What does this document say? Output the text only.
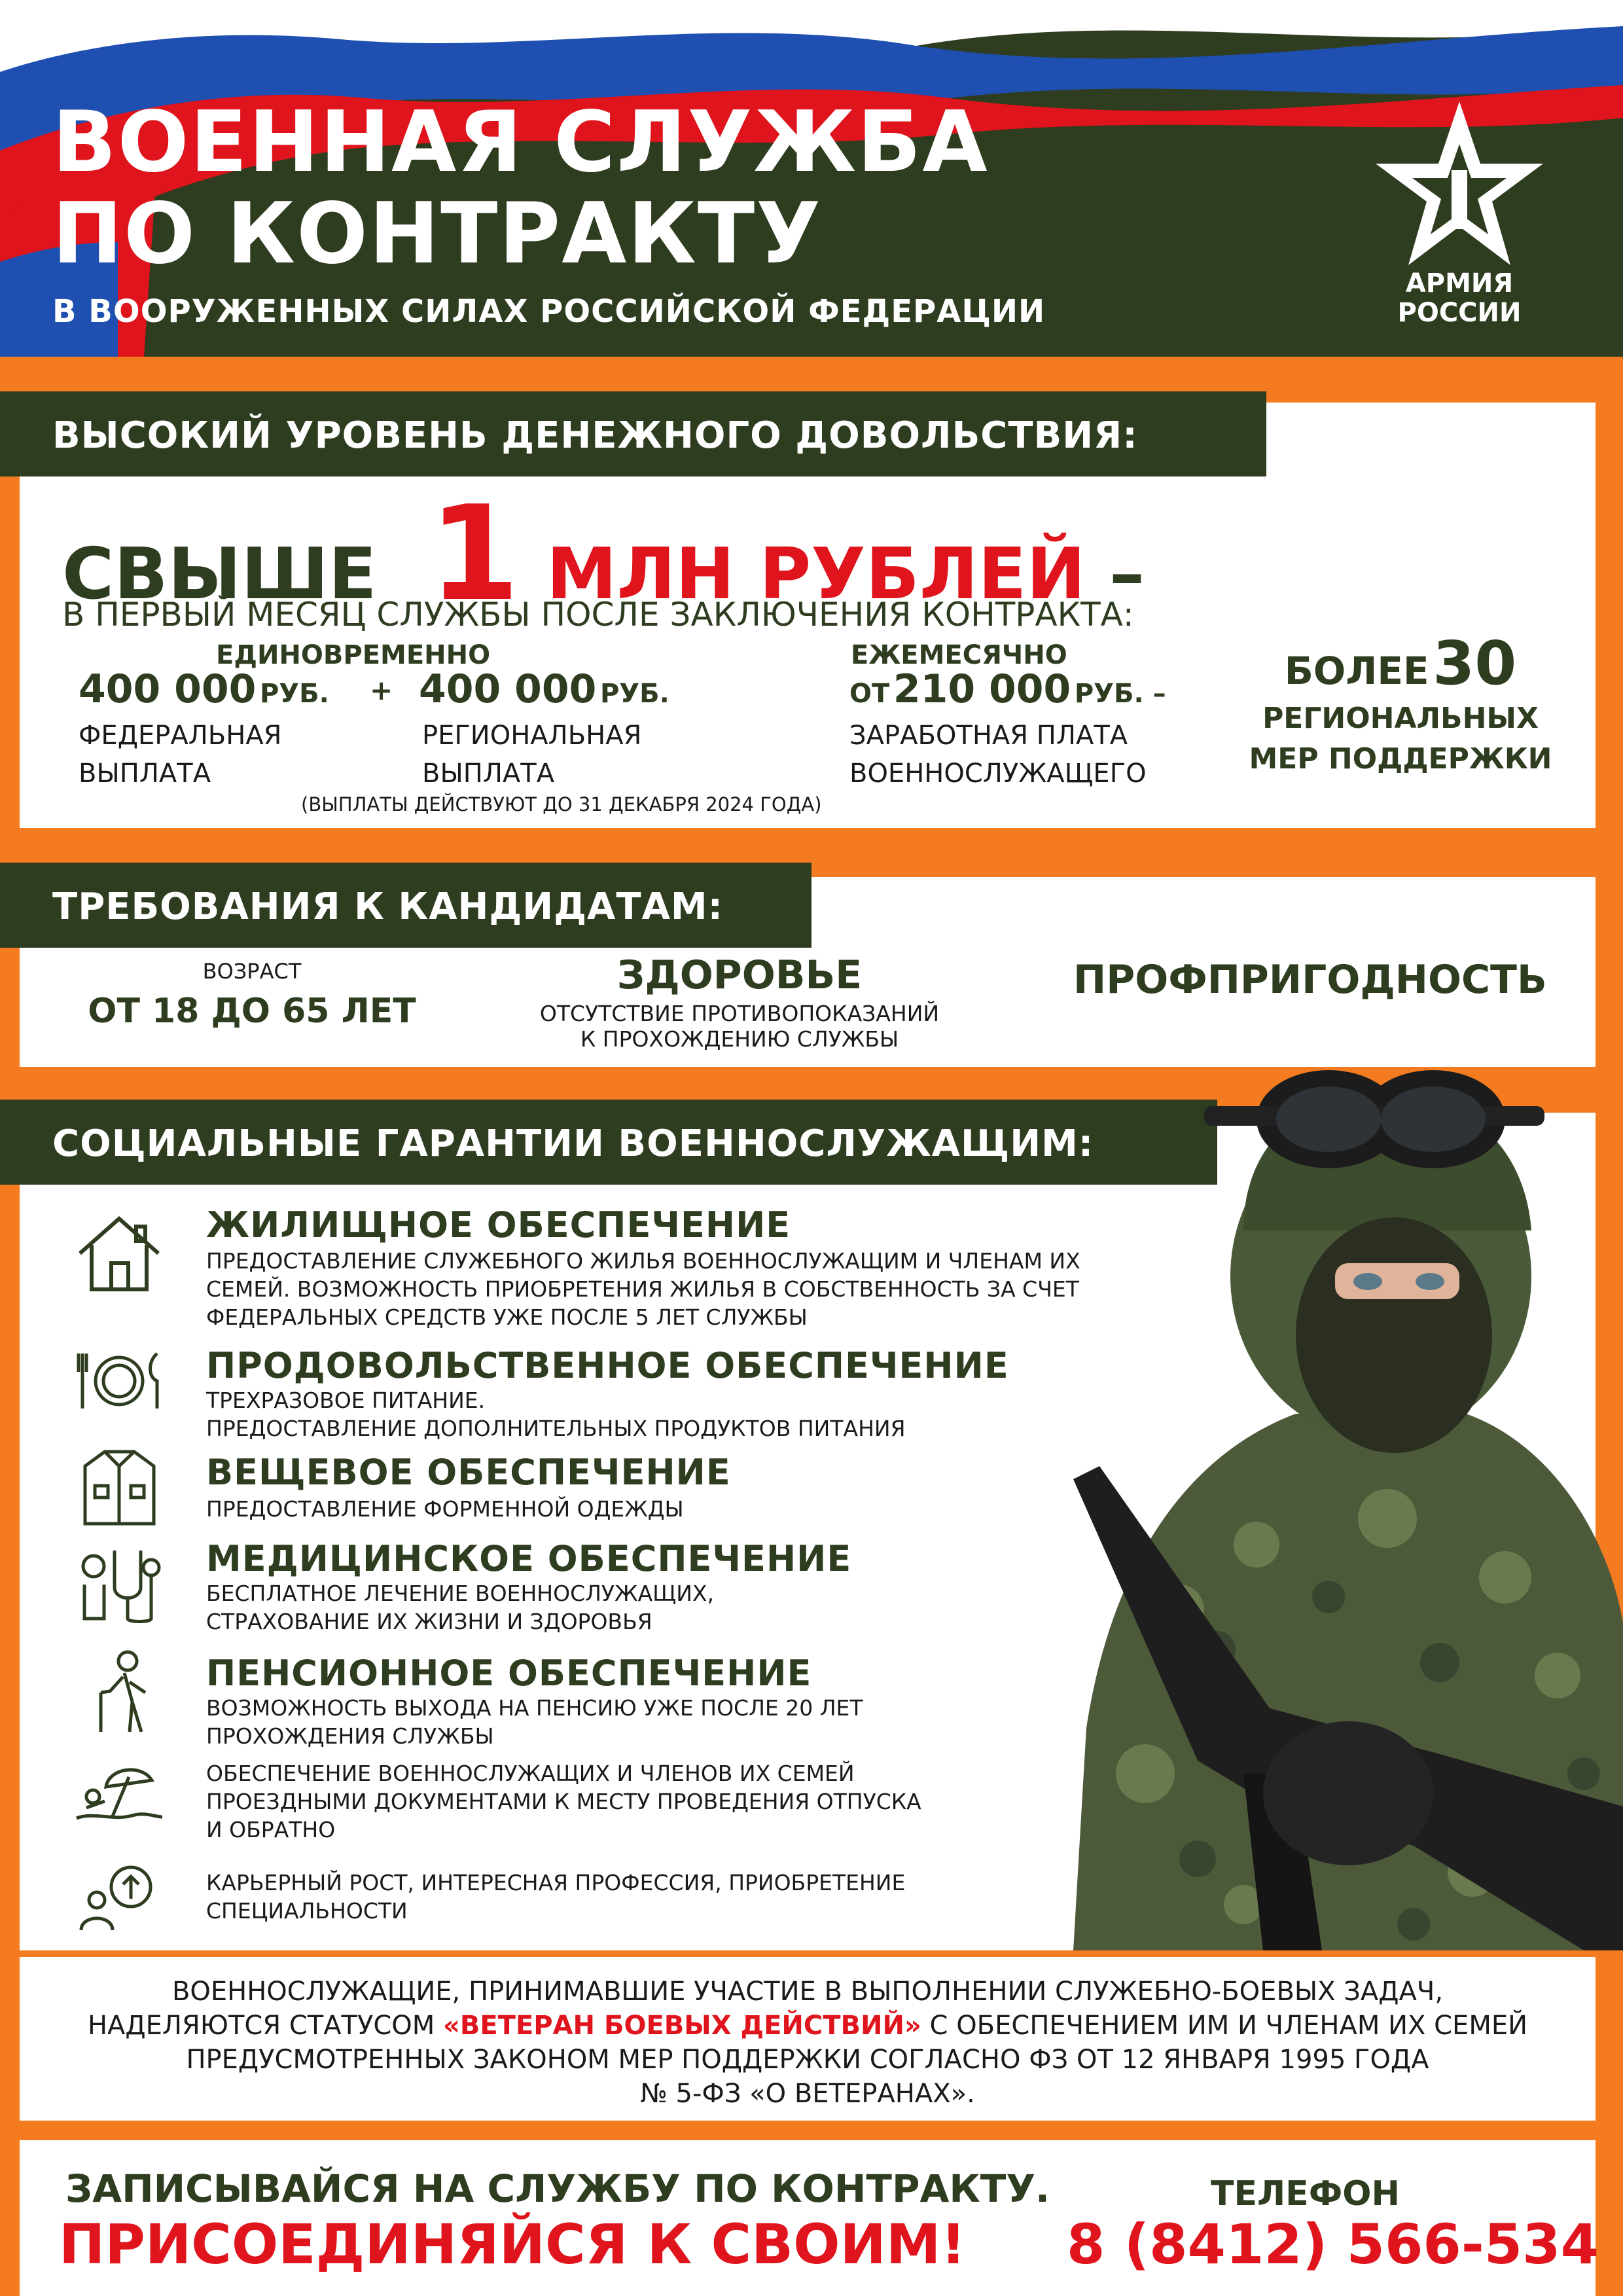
ВОЕННАЯ СЛУЖБА
ПО КОНТРАКТУ
В ВООРУЖЕННЫХ СИЛАХ РОССИЙСКОЙ ФЕДЕРАЦИИ
АРМИЯ
РОССИИ
ВЫСОКИЙ УРОВЕНЬ ДЕНЕЖНОГО ДОВОЛЬСТВИЯ:
СВЫШЕ 1 МЛН РУБЛЕЙ –
В ПЕРВЫЙ МЕСЯЦ СЛУЖБЫ ПОСЛЕ ЗАКЛЮЧЕНИЯ КОНТРАКТА:
ЕДИНОВРЕМЕННО
400 000 РУБ. + 400 000 РУБ.
ФЕДЕРАЛЬНАЯ
ВЫПЛАТА
РЕГИОНАЛЬНАЯ
ВЫПЛАТА
ЕЖЕМЕСЯЧНО
ОТ 210 000 РУБ. –
ЗАРАБОТНАЯ ПЛАТА
ВОЕННОСЛУЖАЩЕГО
БОЛЕЕ 30
РЕГИОНАЛЬНЫХ
МЕР ПОДДЕРЖКИ
(ВЫПЛАТЫ ДЕЙСТВУЮТ ДО 31 ДЕКАБРЯ 2024 ГОДА)
ТРЕБОВАНИЯ К КАНДИДАТАМ:
ВОЗРАСТ
ОТ 18 ДО 65 ЛЕТ
ЗДОРОВЬЕ
ОТСУТСТВИЕ ПРОТИВОПОКАЗАНИЙ
К ПРОХОЖДЕНИЮ СЛУЖБЫ
ПРОФПРИГОДНОСТЬ
СОЦИАЛЬНЫЕ ГАРАНТИИ ВОЕННОСЛУЖАЩИМ:
ЖИЛИЩНОЕ ОБЕСПЕЧЕНИЕ
ПРЕДОСТАВЛЕНИЕ СЛУЖЕБНОГО ЖИЛЬЯ ВОЕННОСЛУЖАЩИМ И ЧЛЕНАМ ИХ
СЕМЕЙ. ВОЗМОЖНОСТЬ ПРИОБРЕТЕНИЯ ЖИЛЬЯ В СОБСТВЕННОСТЬ ЗА СЧЕТ
ФЕДЕРАЛЬНЫХ СРЕДСТВ УЖЕ ПОСЛЕ 5 ЛЕТ СЛУЖБЫ
ПРОДОВОЛЬСТВЕННОЕ ОБЕСПЕЧЕНИЕ
ТРЕХРАЗОВОЕ ПИТАНИЕ.
ПРЕДОСТАВЛЕНИЕ ДОПОЛНИТЕЛЬНЫХ ПРОДУКТОВ ПИТАНИЯ
ВЕЩЕВОЕ ОБЕСПЕЧЕНИЕ
ПРЕДОСТАВЛЕНИЕ ФОРМЕННОЙ ОДЕЖДЫ
МЕДИЦИНСКОЕ ОБЕСПЕЧЕНИЕ
БЕСПЛАТНОЕ ЛЕЧЕНИЕ ВОЕННОСЛУЖАЩИХ,
СТРАХОВАНИЕ ИХ ЖИЗНИ И ЗДОРОВЬЯ
ПЕНСИОННОЕ ОБЕСПЕЧЕНИЕ
ВОЗМОЖНОСТЬ ВЫХОДА НА ПЕНСИЮ УЖЕ ПОСЛЕ 20 ЛЕТ
ПРОХОЖДЕНИЯ СЛУЖБЫ
ОБЕСПЕЧЕНИЕ ВОЕННОСЛУЖАЩИХ И ЧЛЕНОВ ИХ СЕМЕЙ
ПРОЕЗДНЫМИ ДОКУМЕНТАМИ К МЕСТУ ПРОВЕДЕНИЯ ОТПУСКА
И ОБРАТНО
КАРЬЕРНЫЙ РОСТ, ИНТЕРЕСНАЯ ПРОФЕССИЯ, ПРИОБРЕТЕНИЕ
СПЕЦИАЛЬНОСТИ
ВОЕННОСЛУЖАЩИЕ, ПРИНИМАВШИЕ УЧАСТИЕ В ВЫПОЛНЕНИИ СЛУЖЕБНО-БОЕВЫХ ЗАДАЧ,
НАДЕЛЯЮТСЯ СТАТУСОМ «ВЕТЕРАН БОЕВЫХ ДЕЙСТВИЙ» С ОБЕСПЕЧЕНИЕМ ИМ И ЧЛЕНАМ ИХ СЕМЕЙ
ПРЕДУСМОТРЕННЫХ ЗАКОНОМ МЕР ПОДДЕРЖКИ СОГЛАСНО ФЗ ОТ 12 ЯНВАРЯ 1995 ГОДА
№ 5-ФЗ «О ВЕТЕРАНАХ».
ЗАПИСЫВАЙСЯ НА СЛУЖБУ ПО КОНТРАКТУ.
ПРИСОЕДИНЯЙСЯ К СВОИМ!
ТЕЛЕФОН
8 (8412) 566-534
